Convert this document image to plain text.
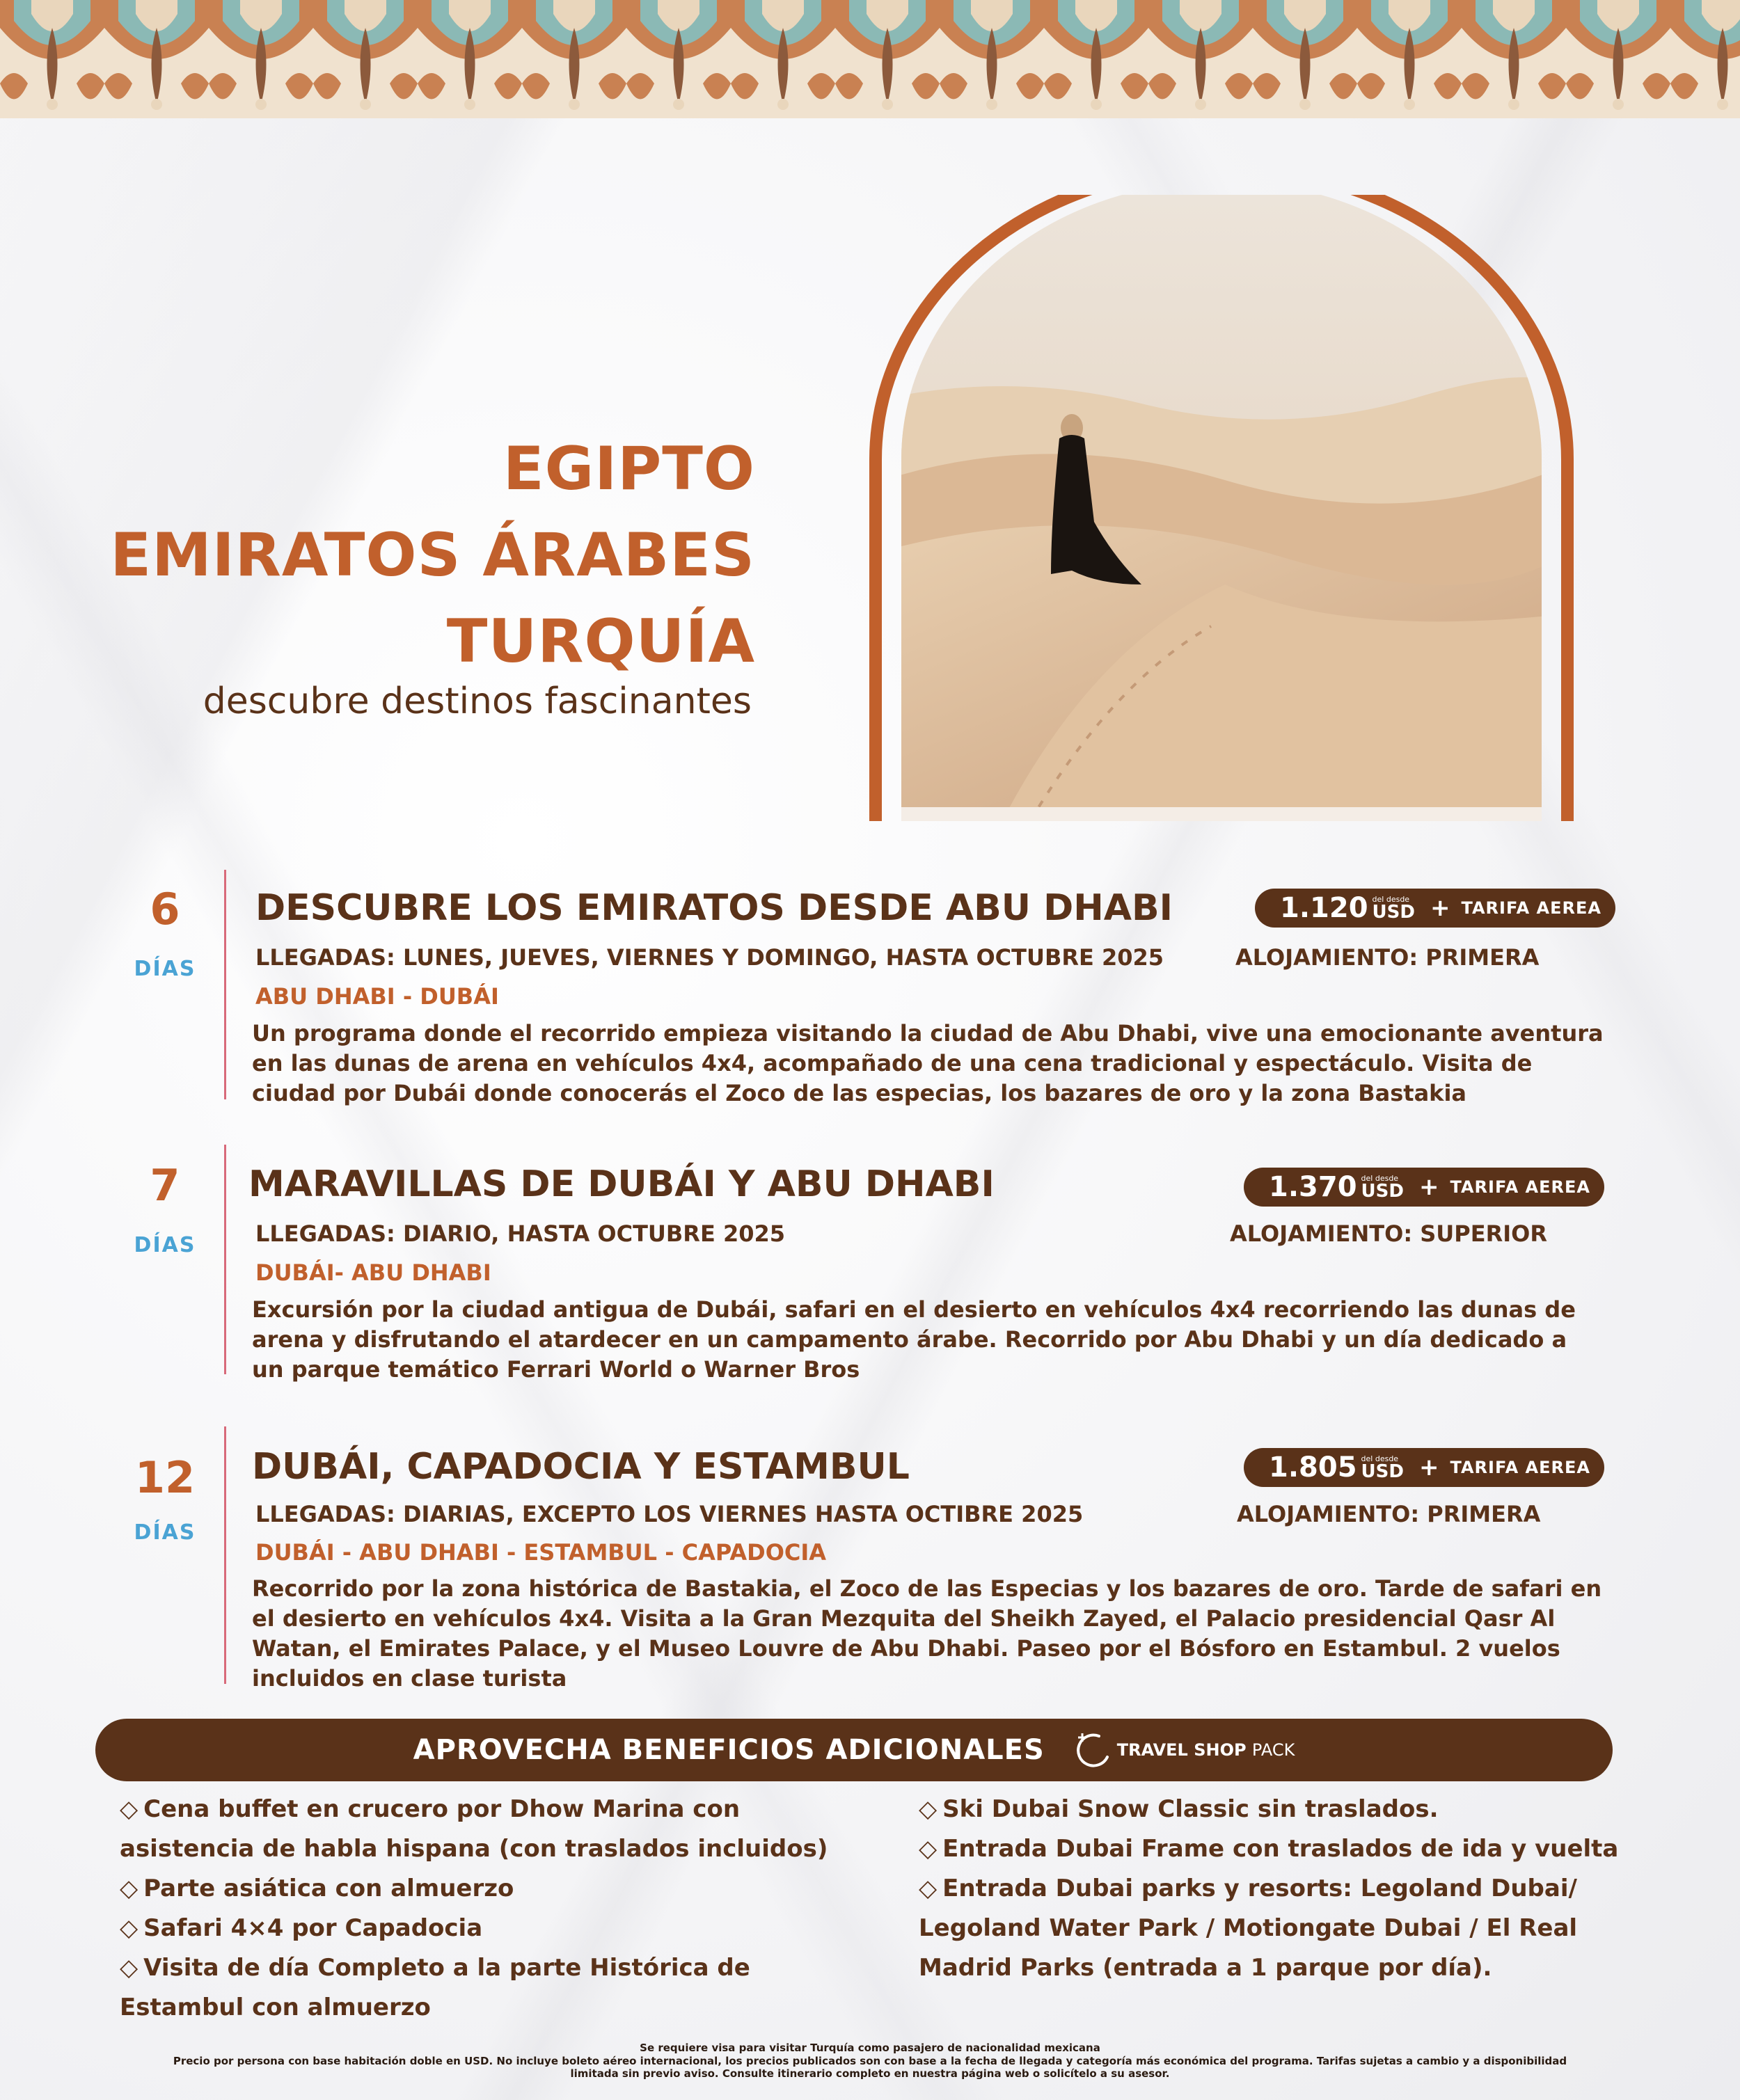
EGIPTO
EMIRATOS ÁRABES
TURQUÍA
descubre destinos fascinantes
6
DÍAS
DESCUBRE LOS EMIRATOS DESDE ABU DHABI	1.120 del desde
USD + TARIFA AEREA
LLEGADAS: LUNES, JUEVES, VIERNES Y DOMINGO, HASTA OCTUBRE 2025	ALOJAMIENTO: PRIMERA
ABU DHABI - DUBÁI
Un programa donde el recorrido empieza visitando la ciudad de Abu Dhabi, vive una emocionante aventura en las dunas de arena en vehículos 4x4, acompañado de una cena tradicional y espectáculo. Visita de ciudad por Dubái donde conocerás el Zoco de las especias, los bazares de oro y la zona Bastakia
7
DÍAS
MARAVILLAS DE DUBÁI Y ABU DHABI	1.370 del desde
USD + TARIFA AEREA
LLEGADAS: DIARIO, HASTA OCTUBRE 2025	ALOJAMIENTO: SUPERIOR
DUBÁI- ABU DHABI
Excursión por la ciudad antigua de Dubái, safari en el desierto en vehículos 4x4 recorriendo las dunas de arena y disfrutando el atardecer en un campamento árabe. Recorrido por Abu Dhabi y un día dedicado a un parque temático Ferrari World o Warner Bros
12
DÍAS
DUBÁI, CAPADOCIA Y ESTAMBUL	1.805 del desde
USD + TARIFA AEREA
LLEGADAS: DIARIAS, EXCEPTO LOS VIERNES HASTA OCTIBRE 2025	ALOJAMIENTO: PRIMERA
DUBÁI - ABU DHABI - ESTAMBUL - CAPADOCIA
Recorrido por la zona histórica de Bastakia, el Zoco de las Especias y los bazares de oro. Tarde de safari en el desierto en vehículos 4x4. Visita a la Gran Mezquita del Sheikh Zayed, el Palacio presidencial Qasr Al Watan, el Emirates Palace, y el Museo Louvre de Abu Dhabi. Paseo por el Bósforo en Estambul. 2 vuelos incluidos en clase turista
APROVECHA BENEFICIOS ADICIONALES	TRAVEL SHOP PACK
◇ Cena buffet en crucero por Dhow Marina con
asistencia de habla hispana (con traslados incluidos)
◇ Parte asiática con almuerzo
◇ Safari 4×4 por Capadocia
◇ Visita de día Completo a la parte Histórica de
Estambul con almuerzo
◇ Ski Dubai Snow Classic sin traslados.
◇ Entrada Dubai Frame con traslados de ida y vuelta
◇ Entrada Dubai parks y resorts: Legoland Dubai/
Legoland Water Park / Motiongate Dubai / El Real
Madrid Parks (entrada a 1 parque por día).
Se requiere visa para visitar Turquía como pasajero de nacionalidad mexicana
Precio por persona con base habitación doble en USD. No incluye boleto aéreo internacional, los precios publicados son con base a la fecha de llegada y categoría más económica del programa. Tarifas sujetas a cambio y a disponibilidad
limitada sin previo aviso. Consulte itinerario completo en nuestra página web o solicítelo a su asesor.
